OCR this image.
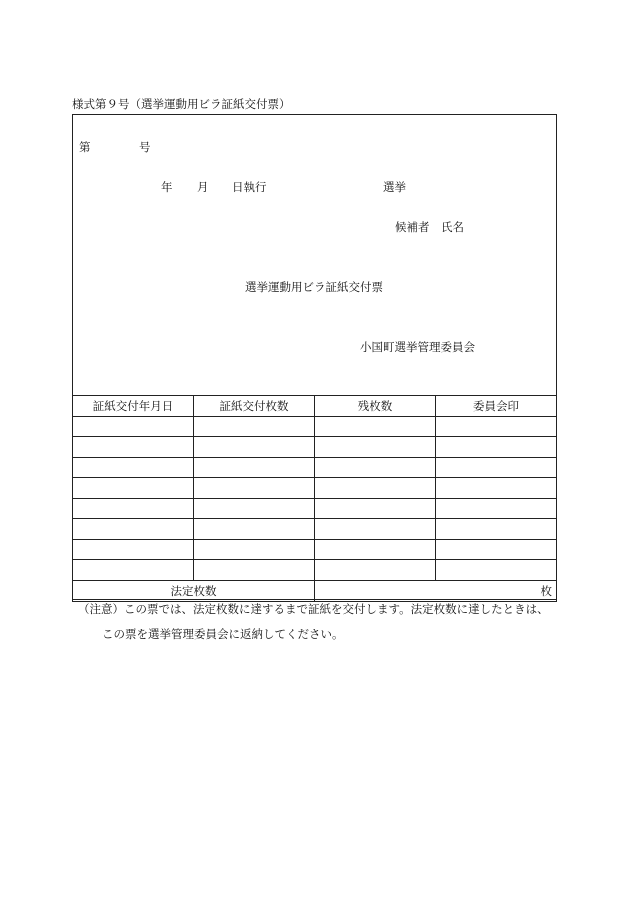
様式第９号（選挙運動用ビラ証紙交付票）
第	号
年 月 日執行	選挙
候補者 氏名
選挙運動用ビラ証紙交付票
小国町選挙管理委員会
証紙交付年月日	証紙交付枚数	残枚数	委員会印

法定枚数		枚	
（注意）この票では、法定枚数に達するまで証紙を交付します。法定枚数に達したときは、
この票を選挙管理委員会に返納してください。
